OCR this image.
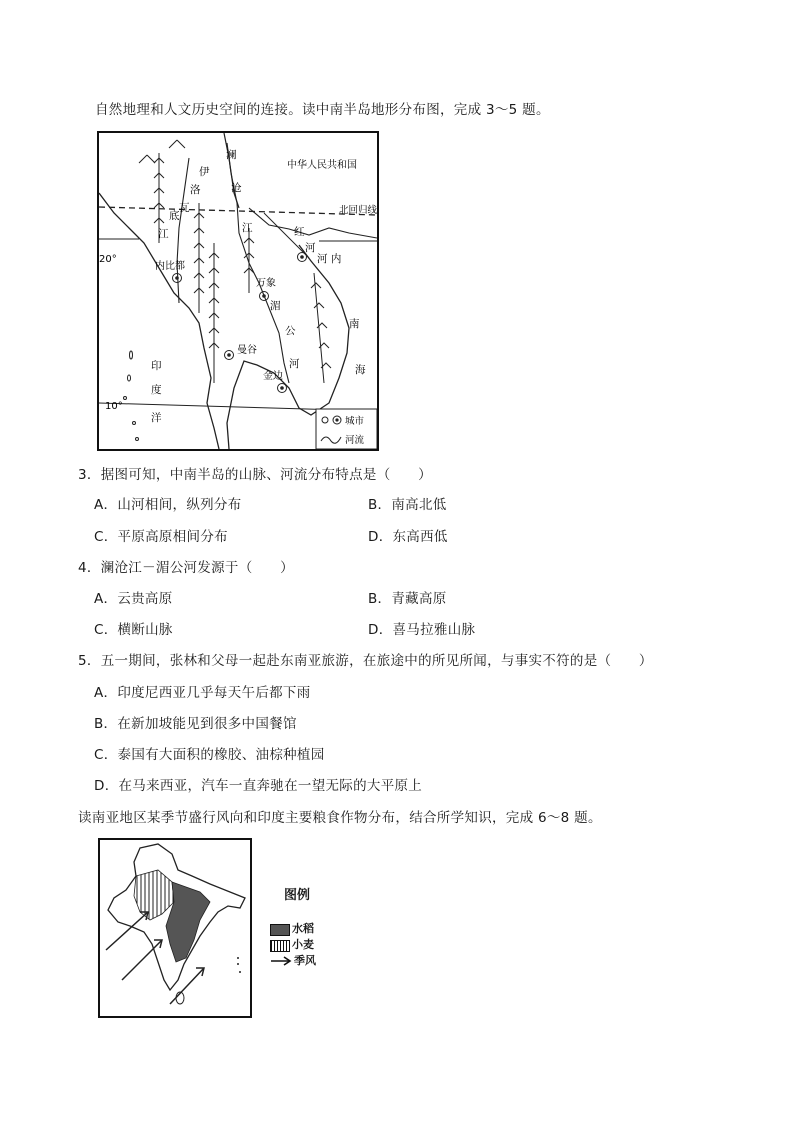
自然地理和人文历史空间的连接。读中南半岛地形分布图，完成 3～5 题。
中华人民共和国
北回归线
澜
沧
江
伊
洛
瓦
底
江	红
河
20°
内比都
河 内
万象
湄
公
河
曼谷
金边
南
海
印
度
洋
10°
城市
河流
3．据图可知，中南半岛的山脉、河流分布特点是（　　）
A．山河相间，纵列分布	B．南高北低
C．平原高原相间分布	D．东高西低
4．澜沧江－湄公河发源于（　　）
A．云贵高原	B．青藏高原
C．横断山脉	D．喜马拉雅山脉
5．五一期间，张林和父母一起赴东南亚旅游，在旅途中的所见所闻，与事实不符的是（　　）
A．印度尼西亚几乎每天午后都下雨
B．在新加坡能见到很多中国餐馆
C．泰国有大面积的橡胶、油棕种植园
D．在马来西亚，汽车一直奔驰在一望无际的大平原上
读南亚地区某季节盛行风向和印度主要粮食作物分布，结合所学知识，完成 6～8 题。
图例
水稻
小麦
季风
